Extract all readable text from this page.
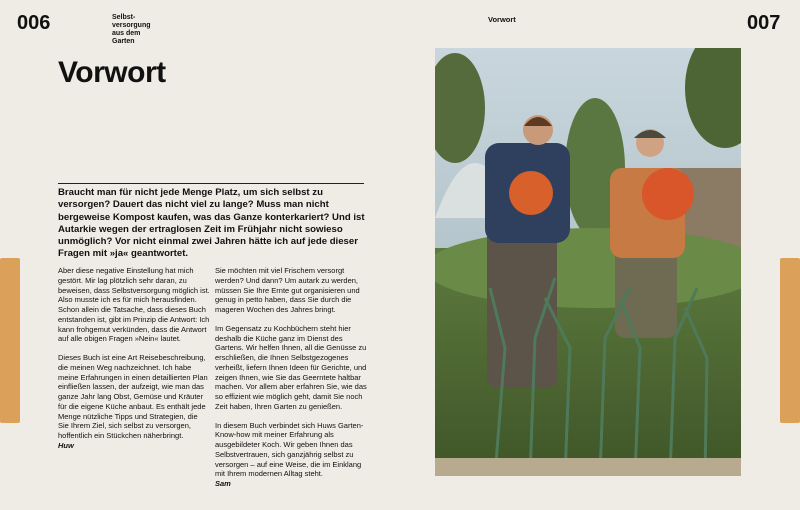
006	Selbst-
versorgung
aus dem
Garten
Vorwort

Braucht man für nicht jede Menge Platz, um sich selbst zu versorgen? Dauert das nicht viel zu lange? Muss man nicht bergeweise Kompost kaufen, was das Ganze konterkariert? Und ist Autarkie wegen der ertraglosen Zeit im Frühjahr nicht sowieso unmöglich? Vor nicht einmal zwei Jahren hätte ich auf jede dieser Fragen mit »ja« geantwortet.

Aber diese negative Einstellung hat mich gestört. Mir lag plötzlich sehr daran, zu beweisen, dass Selbstversorgung möglich ist. Also musste ich es für mich herausfinden. Schon allein die Tatsache, dass dieses Buch entstanden ist, gibt im Prinzip die Antwort: Ich kann frohgemut verkünden, dass die Antwort auf alle obigen Fragen »Nein« lautet.

Dieses Buch ist eine Art Reisebeschreibung, die meinen Weg nachzeichnet. Ich habe meine Erfahrungen in einen detaillierten Plan einfließen lassen, der aufzeigt, wie man das ganze Jahr lang Obst, Gemüse und Kräuter für die eigene Küche anbaut. Es enthält jede Menge nützliche Tipps und Strategien, die Sie Ihrem Ziel, sich selbst zu versorgen, hoffentlich ein Stückchen näherbringt.

Huw

Sie möchten mit viel Frischem versorgt werden? Und dann? Um autark zu werden, müssen Sie Ihre Ernte gut organisieren und genug in petto haben, dass Sie durch die mageren Wochen des Jahres bringt.

Im Gegensatz zu Kochbüchern steht hier deshalb die Küche ganz im Dienst des Gartens. Wir helfen Ihnen, all die Genüsse zu erschließen, die Ihnen Selbstgezogenes verheißt, liefern Ihnen Ideen für Gerichte, und zeigen Ihnen, wie Sie das Geerntete haltbar machen. Vor allem aber erfahren Sie, wie das so effizient wie möglich geht, damit Sie noch Zeit haben, Ihren Garten zu genießen.

In diesem Buch verbindet sich Huws Garten-Know-how mit meiner Erfahrung als ausgebildeter Koch. Wir geben Ihnen das Selbstvertrauen, sich ganzjährig selbst zu versorgen – auf eine Weise, die im Einklang mit Ihrem modernen Alltag steht.

Sam
Vorwort	007
